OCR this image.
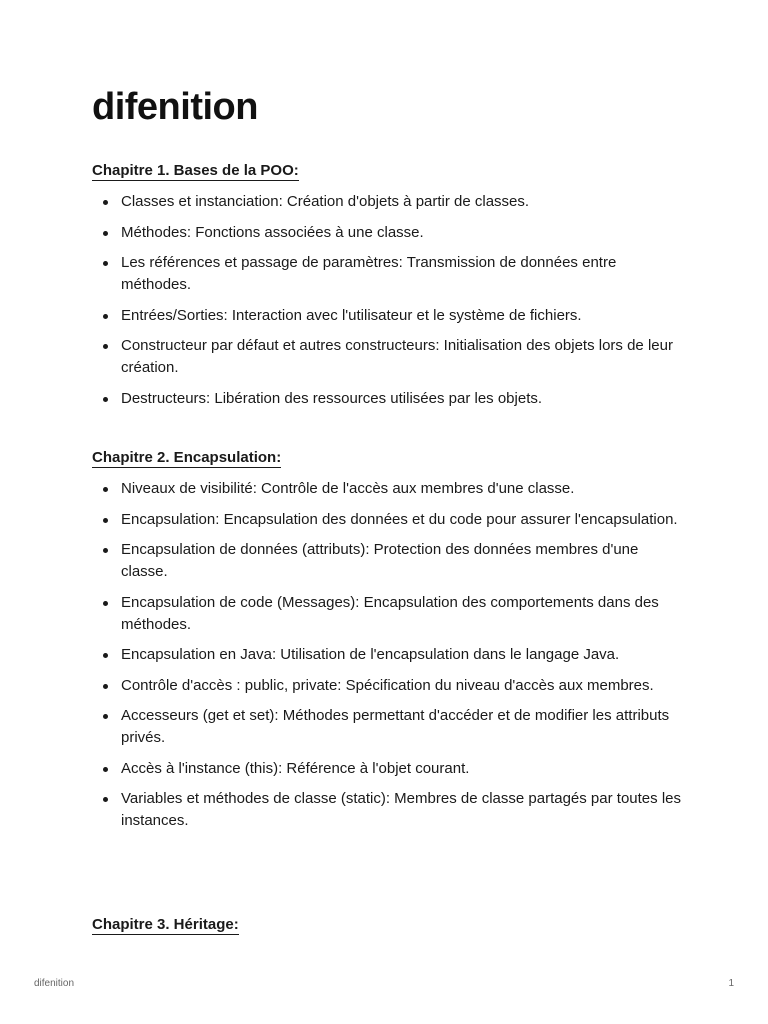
difenition
Chapitre 1. Bases de la POO:
Classes et instanciation: Création d'objets à partir de classes.
Méthodes: Fonctions associées à une classe.
Les références et passage de paramètres: Transmission de données entre méthodes.
Entrées/Sorties: Interaction avec l'utilisateur et le système de fichiers.
Constructeur par défaut et autres constructeurs: Initialisation des objets lors de leur création.
Destructeurs: Libération des ressources utilisées par les objets.
Chapitre 2. Encapsulation:
Niveaux de visibilité: Contrôle de l'accès aux membres d'une classe.
Encapsulation: Encapsulation des données et du code pour assurer l'encapsulation.
Encapsulation de données (attributs): Protection des données membres d'une classe.
Encapsulation de code (Messages): Encapsulation des comportements dans des méthodes.
Encapsulation en Java: Utilisation de l'encapsulation dans le langage Java.
Contrôle d'accès : public, private: Spécification du niveau d'accès aux membres.
Accesseurs (get et set): Méthodes permettant d'accéder et de modifier les attributs privés.
Accès à l'instance (this): Référence à l'objet courant.
Variables et méthodes de classe (static): Membres de classe partagés par toutes les instances.
Chapitre 3. Héritage:
difenition	1
